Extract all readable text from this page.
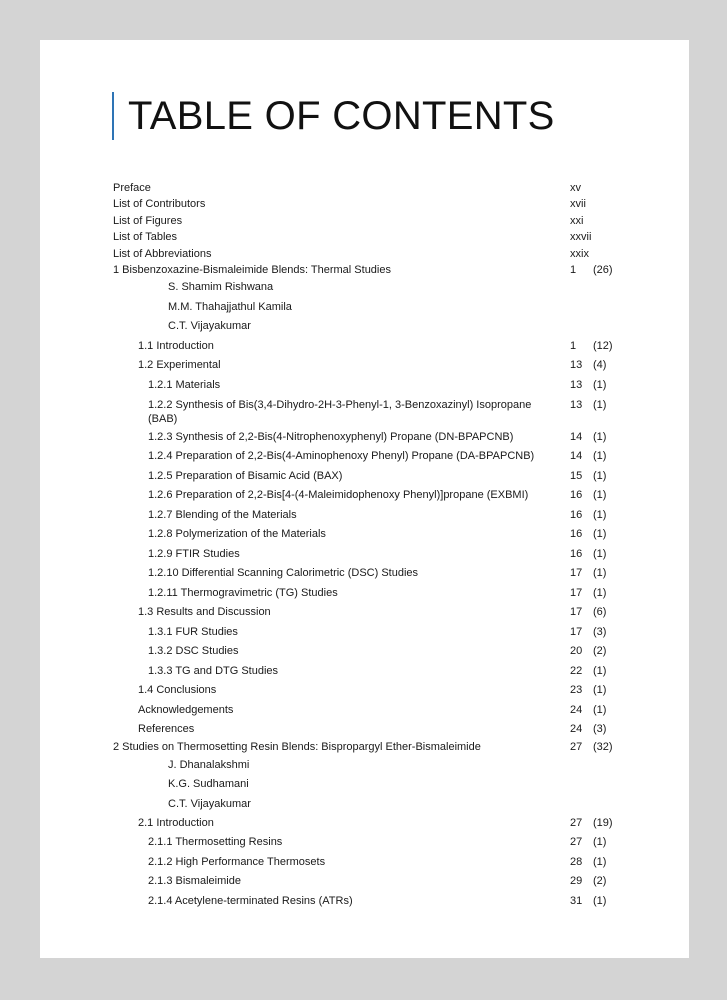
TABLE OF CONTENTS
Preface	xv
List of Contributors	xvii
List of Figures	xxi
List of Tables	xxvii
List of Abbreviations	xxix
1 Bisbenzoxazine-Bismaleimide Blends: Thermal Studies	1 (26)
S. Shamim Rishwana
M.M. Thahajjathul Kamila
C.T. Vijayakumar
1.1 Introduction	1 (12)
1.2 Experimental	13 (4)
1.2.1 Materials	13 (1)
1.2.2 Synthesis of Bis(3,4-Dihydro-2H-3-Phenyl-1, 3-Benzoxazinyl) Isopropane	13 (1)
(BAB)
1.2.3 Synthesis of 2,2-Bis(4-Nitrophenoxyphenyl) Propane (DN-BPAPCNB)	14 (1)
1.2.4 Preparation of 2,2-Bis(4-Aminophenoxy Phenyl) Propane (DA-BPAPCNB)	14 (1)
1.2.5 Preparation of Bisamic Acid (BAX)	15 (1)
1.2.6 Preparation of 2,2-Bis[4-(4-Maleimidophenoxy Phenyl)]propane (EXBMI)	16 (1)
1.2.7 Blending of the Materials	16 (1)
1.2.8 Polymerization of the Materials	16 (1)
1.2.9 FTIR Studies	16 (1)
1.2.10 Differential Scanning Calorimetric (DSC) Studies	17 (1)
1.2.11 Thermogravimetric (TG) Studies	17 (1)
1.3 Results and Discussion	17 (6)
1.3.1 FUR Studies	17 (3)
1.3.2 DSC Studies	20 (2)
1.3.3 TG and DTG Studies	22 (1)
1.4 Conclusions	23 (1)
Acknowledgements	24 (1)
References	24 (3)
2 Studies on Thermosetting Resin Blends: Bispropargyl Ether-Bismaleimide	27 (32)
J. Dhanalakshmi
K.G. Sudhamani
C.T. Vijayakumar
2.1 Introduction	27 (19)
2.1.1 Thermosetting Resins	27 (1)
2.1.2 High Performance Thermosets	28 (1)
2.1.3 Bismaleimide	29 (2)
2.1.4 Acetylene-terminated Resins (ATRs)	31 (1)
